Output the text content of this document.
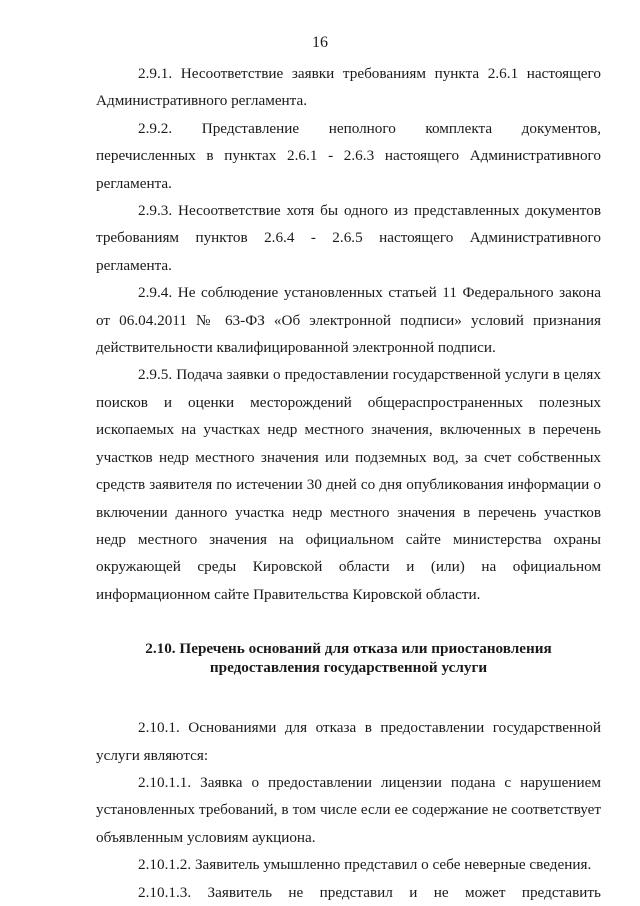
16

2.9.1. Несоответствие заявки требованиям пункта 2.6.1 настоящего Административного регламента.

2.9.2. Представление неполного комплекта документов, перечисленных в пунктах 2.6.1 - 2.6.3 настоящего Административного регламента.

2.9.3. Несоответствие хотя бы одного из представленных документов требованиям пунктов 2.6.4 - 2.6.5 настоящего Административного регламента.

2.9.4. Не соблюдение установленных статьей 11 Федерального закона от 06.04.2011 № 63-ФЗ «Об электронной подписи» условий признания действительности квалифицированной электронной подписи.

2.9.5. Подача заявки о предоставлении государственной услуги в целях поисков и оценки месторождений общераспространенных полезных ископаемых на участках недр местного значения, включенных в перечень участков недр местного значения или подземных вод, за счет собственных средств заявителя по истечении 30 дней со дня опубликования информации о включении данного участка недр местного значения в перечень участков недр местного значения на официальном сайте министерства охраны окружающей среды Кировской области и (или) на официальном информационном сайте Правительства Кировской области.

2.10. Перечень оснований для отказа или приостановления
предоставления государственной услуги

2.10.1. Основаниями для отказа в предоставлении государственной услуги являются:

2.10.1.1. Заявка о предоставлении лицензии подана с нарушением установленных требований, в том числе если ее содержание не соответствует объявленным условиям аукциона.

2.10.1.2. Заявитель умышленно представил о себе неверные сведения.

2.10.1.3. Заявитель не представил и не может представить
